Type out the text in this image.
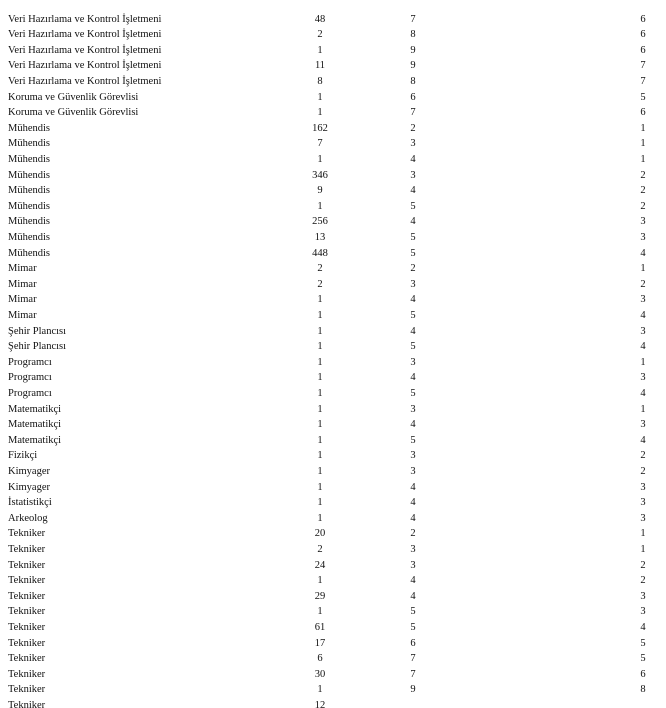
Veri Hazırlama ve Kontrol İşletmeni	48	7	6
Veri Hazırlama ve Kontrol İşletmeni	2	8	6
Veri Hazırlama ve Kontrol İşletmeni	1	9	6
Veri Hazırlama ve Kontrol İşletmeni	11	9	7
Veri Hazırlama ve Kontrol İşletmeni	8	8	7
Koruma ve Güvenlik Görevlisi	1	6	5
Koruma ve Güvenlik Görevlisi	1	7	6
Mühendis	162	2	1
Mühendis	7	3	1
Mühendis	1	4	1
Mühendis	346	3	2
Mühendis	9	4	2
Mühendis	1	5	2
Mühendis	256	4	3
Mühendis	13	5	3
Mühendis	448	5	4
Mimar	2	2	1
Mimar	2	3	2
Mimar	1	4	3
Mimar	1	5	4
Şehir Plancısı	1	4	3
Şehir Plancısı	1	5	4
Programcı	1	3	1
Programcı	1	4	3
Programcı	1	5	4
Matematikçi	1	3	1
Matematikçi	1	4	3
Matematikçi	1	5	4
Fizikçi	1	3	2
Kimyager	1	3	2
Kimyager	1	4	3
İstatistikçi	1	4	3
Arkeolog	1	4	3
Tekniker	20	2	1
Tekniker	2	3	1
Tekniker	24	3	2
Tekniker	1	4	2
Tekniker	29	4	3
Tekniker	1	5	3
Tekniker	61	5	4
Tekniker	17	6	5
Tekniker	6	7	5
Tekniker	30	7	6
Tekniker	1	9	8
Tekniker	12
